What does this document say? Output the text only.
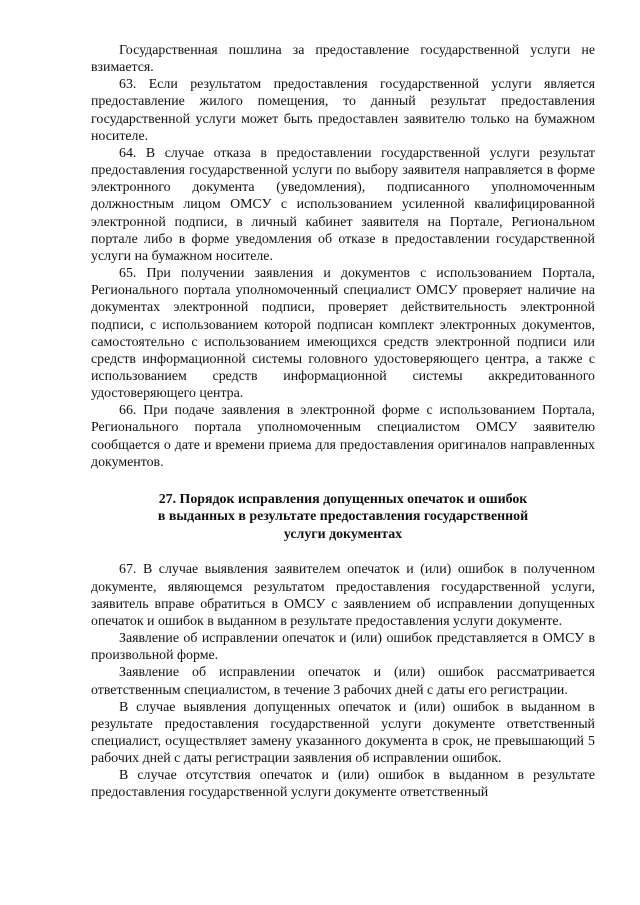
Государственная пошлина за предоставление государственной услуги не взимается.

63. Если результатом предоставления государственной услуги является предоставление жилого помещения, то данный результат предоставления государственной услуги может быть предоставлен заявителю только на бумажном носителе.

64. В случае отказа в предоставлении государственной услуги результат предоставления государственной услуги по выбору заявителя направляется в форме электронного документа (уведомления), подписанного уполномоченным должностным лицом ОМСУ с использованием усиленной квалифицированной электронной подписи, в личный кабинет заявителя на Портале, Региональном портале либо в форме уведомления об отказе в предоставлении государственной услуги на бумажном носителе.

65. При получении заявления и документов с использованием Портала, Регионального портала уполномоченный специалист ОМСУ проверяет наличие на документах электронной подписи, проверяет действительность электронной подписи, с использованием которой подписан комплект электронных документов, самостоятельно с использованием имеющихся средств электронной подписи или средств информационной системы головного удостоверяющего центра, а также с использованием средств информационной системы аккредитованного удостоверяющего центра.

66. При подаче заявления в электронной форме с использованием Портала, Регионального портала уполномоченным специалистом ОМСУ заявителю сообщается о дате и времени приема для предоставления оригиналов направленных документов.

27. Порядок исправления допущенных опечаток и ошибок
в выданных в результате предоставления государственной
услуги документах

67. В случае выявления заявителем опечаток и (или) ошибок в полученном документе, являющемся результатом предоставления государственной услуги, заявитель вправе обратиться в ОМСУ с заявлением об исправлении допущенных опечаток и ошибок в выданном в результате предоставления услуги документе.

Заявление об исправлении опечаток и (или) ошибок представляется в ОМСУ в произвольной форме.

Заявление об исправлении опечаток и (или) ошибок рассматривается ответственным специалистом, в течение 3 рабочих дней с даты его регистрации.

В случае выявления допущенных опечаток и (или) ошибок в выданном в результате предоставления государственной услуги документе ответственный специалист, осуществляет замену указанного документа в срок, не превышающий 5 рабочих дней с даты регистрации заявления об исправлении ошибок.

В случае отсутствия опечаток и (или) ошибок в выданном в результате предоставления государственной услуги документе ответственный
